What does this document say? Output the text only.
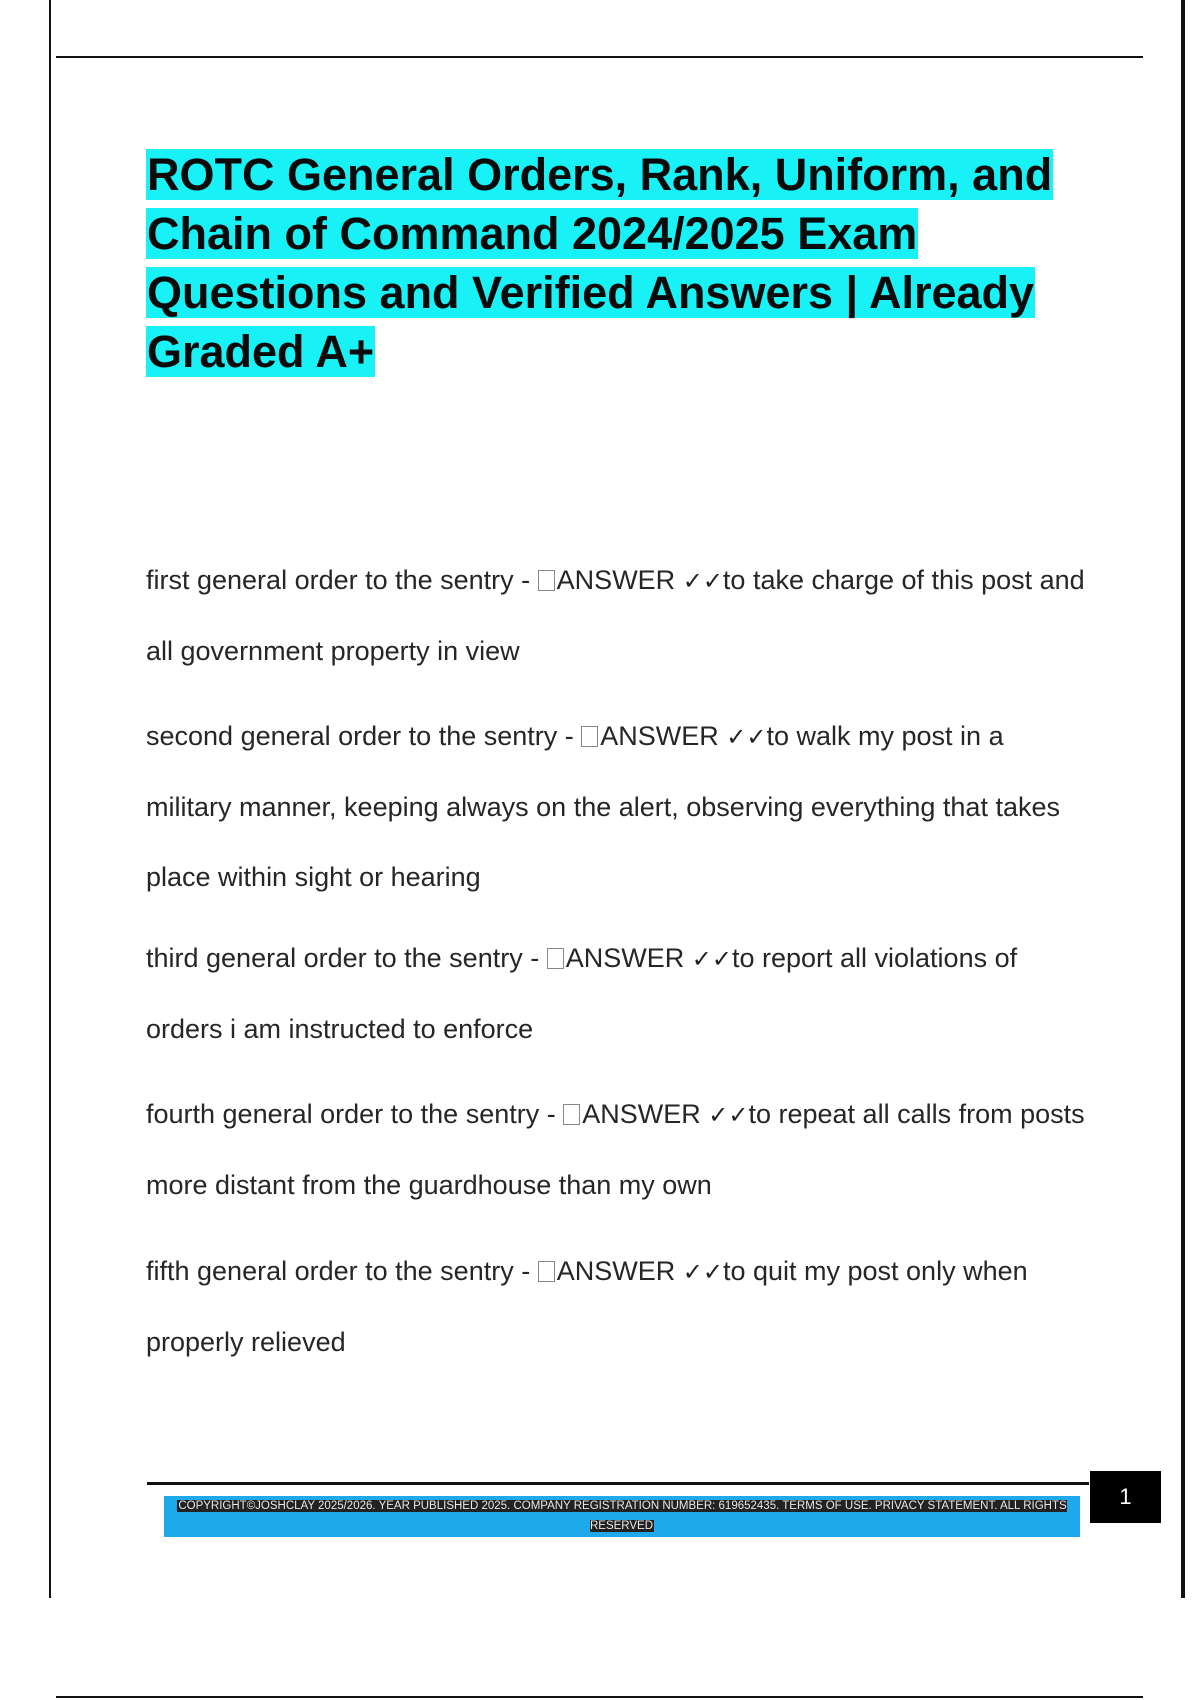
ROTC General Orders, Rank, Uniform, and Chain of Command 2024/2025 Exam Questions and Verified Answers | Already Graded A+

first general order to the sentry - ANSWER ✓✓to take charge of this post and all government property in view

second general order to the sentry - ANSWER ✓✓to walk my post in a military manner, keeping always on the alert, observing everything that takes place within sight or hearing

third general order to the sentry - ANSWER ✓✓to report all violations of orders i am instructed to enforce

fourth general order to the sentry - ANSWER ✓✓to repeat all calls from posts more distant from the guardhouse than my own

fifth general order to the sentry - ANSWER ✓✓to quit my post only when properly relieved

COPYRIGHT©JOSHCLAY 2025/2026. YEAR PUBLISHED 2025. COMPANY REGISTRATION NUMBER: 619652435. TERMS OF USE. PRIVACY STATEMENT. ALL RIGHTS RESERVED
1
